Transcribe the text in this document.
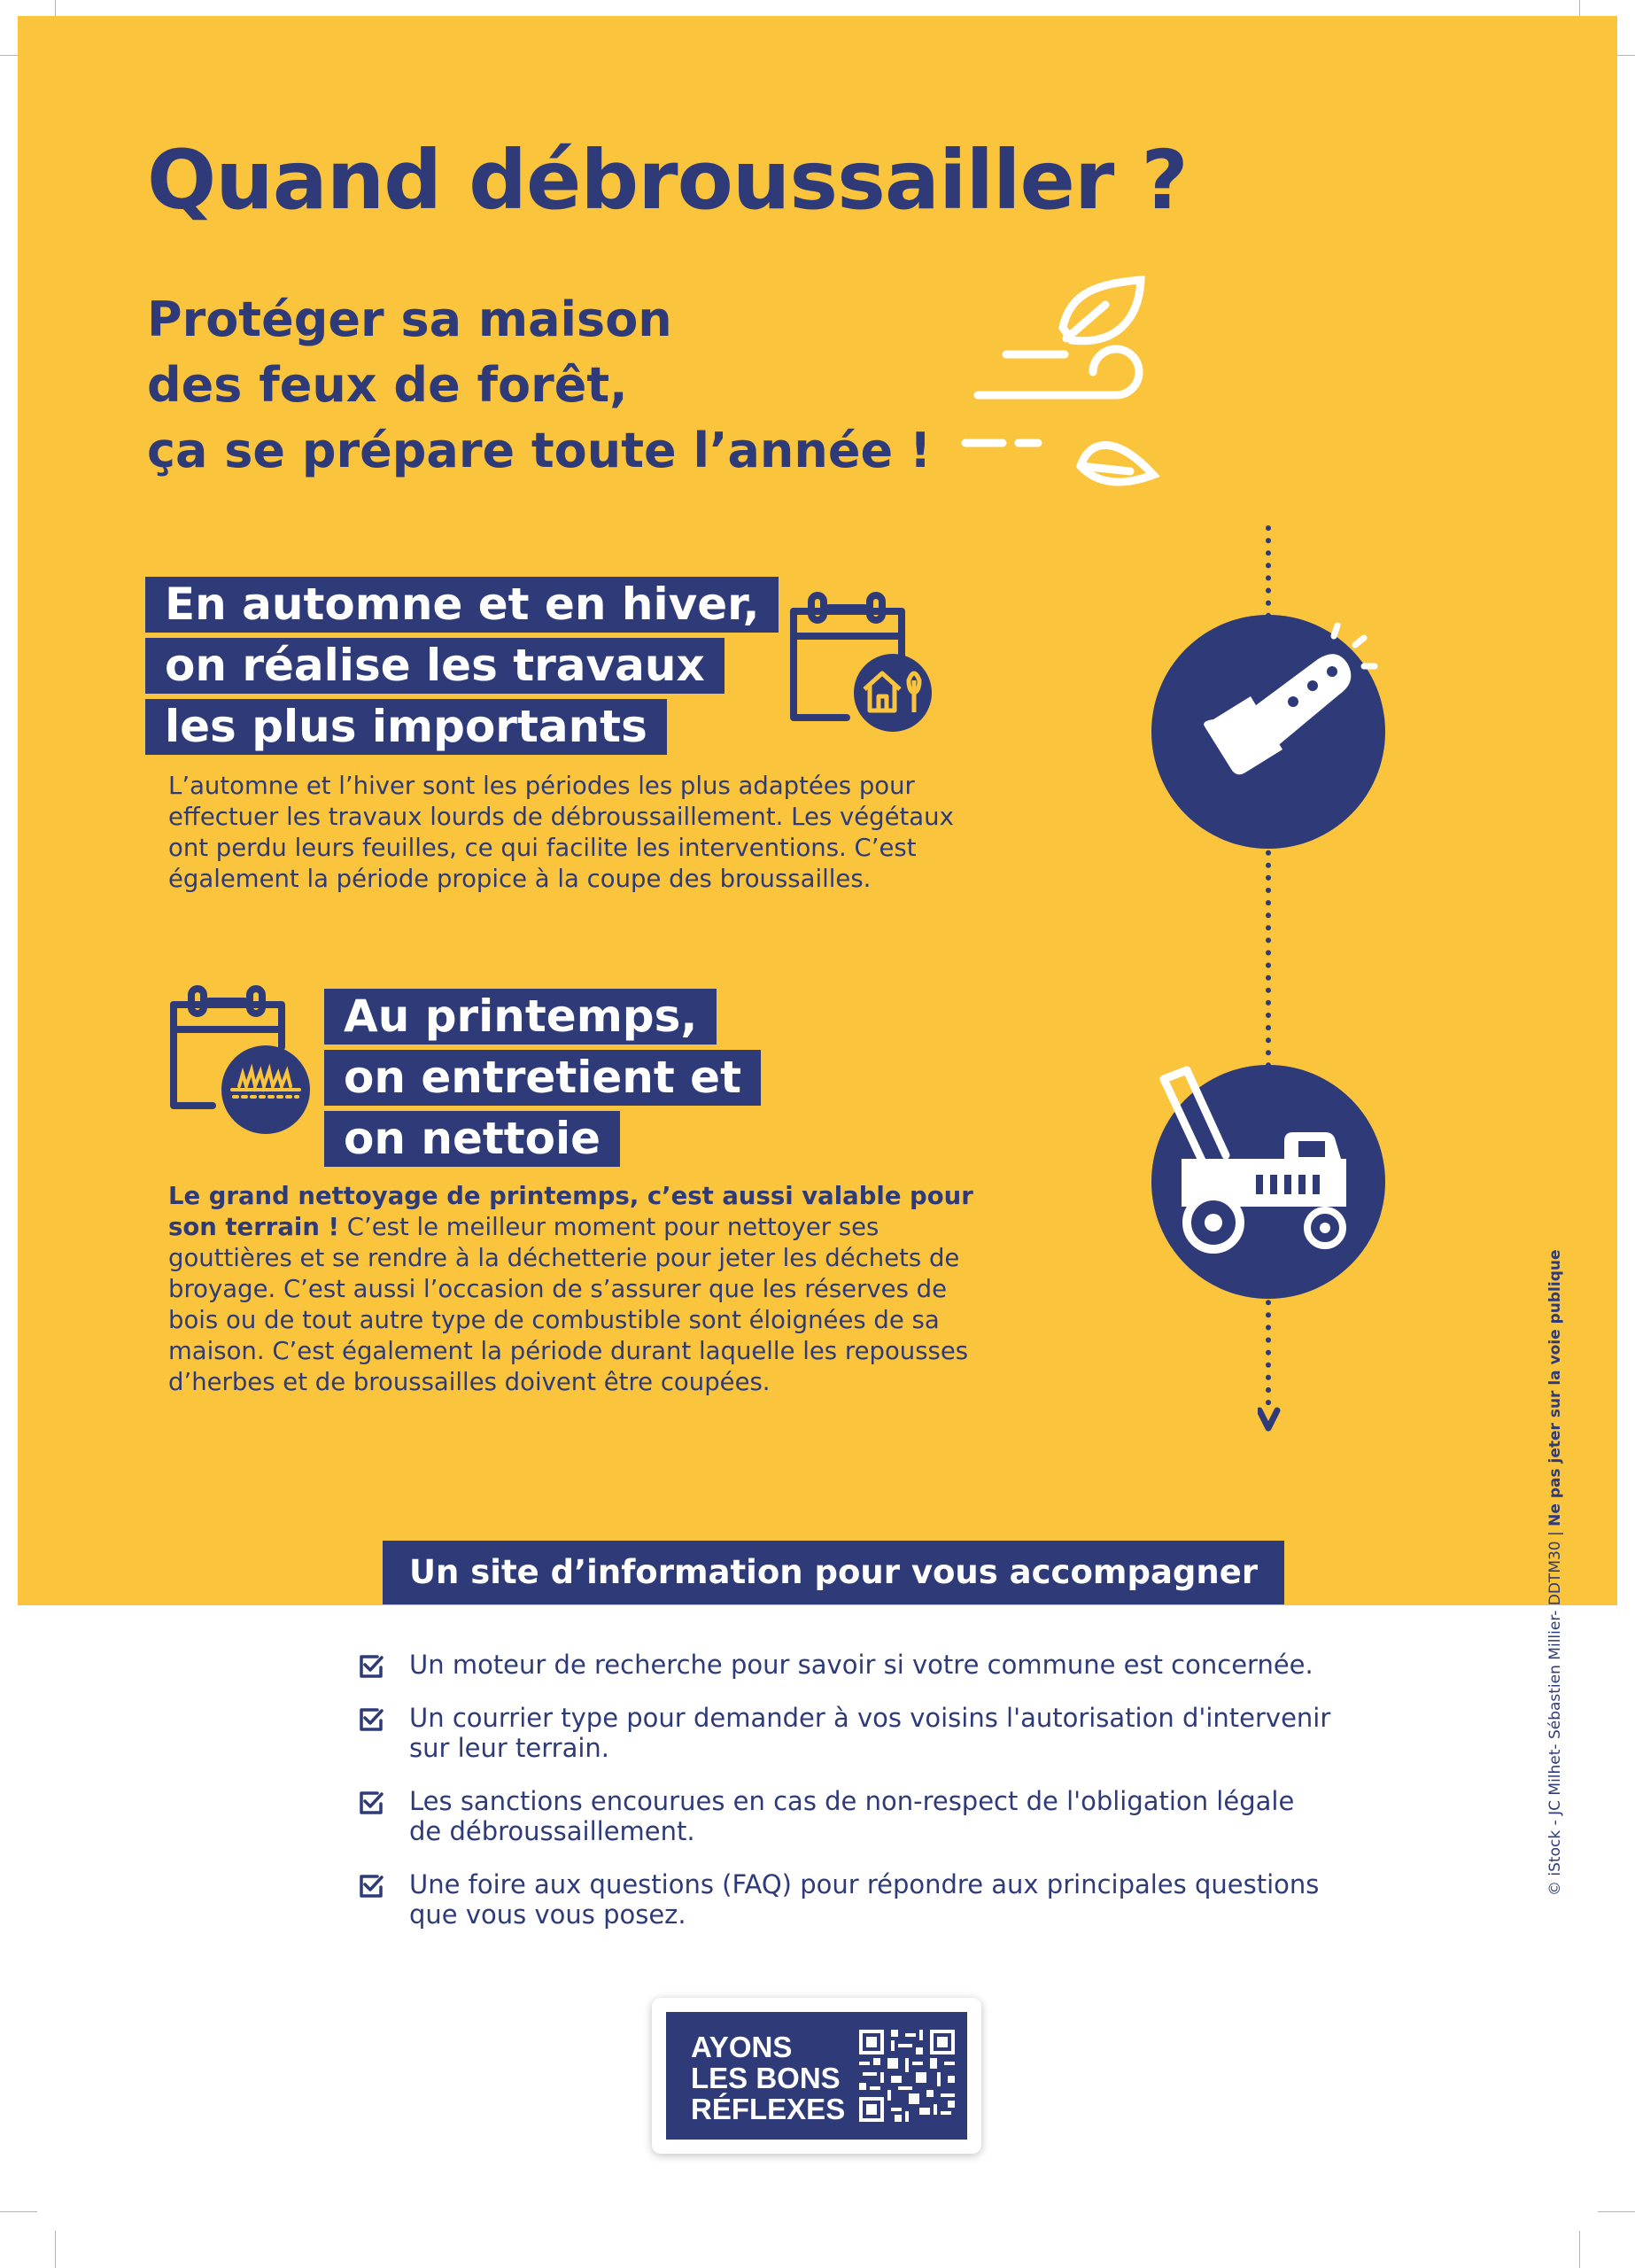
Quand débroussailler ?
Protéger sa maison
des feux de forêt,
ça se prépare toute l’année !
En automne et en hiver,
on réalise les travaux
les plus importants

L’automne et l’hiver sont les périodes les plus adaptées pour effectuer les travaux lourds de débroussaillement. Les végétaux ont perdu leurs feuilles, ce qui facilite les interventions. C’est également la période propice à la coupe des broussailles.

Au printemps,
on entretient et
on nettoie

Le grand nettoyage de printemps, c’est aussi valable pour son terrain ! C’est le meilleur moment pour nettoyer ses gouttières et se rendre à la déchetterie pour jeter les déchets de broyage. C’est aussi l’occasion de s’assurer que les réserves de bois ou de tout autre type de combustible sont éloignées de sa maison. C’est également la période durant laquelle les repousses d’herbes et de broussailles doivent être coupées.

Un site d’information pour vous accompagner
Un moteur de recherche pour savoir si votre commune est concernée.
Un courrier type pour demander à vos voisins l'autorisation d'intervenir sur leur terrain.
Les sanctions encourues en cas de non-respect de l'obligation légale de débroussaillement.
Une foire aux questions (FAQ) pour répondre aux principales questions que vous vous posez.
© iStock - JC Milhet- Sébastien Millier- DDTM30 | Ne pas jeter sur la voie publique
AYONS
LES BONS
RÉFLEXES
